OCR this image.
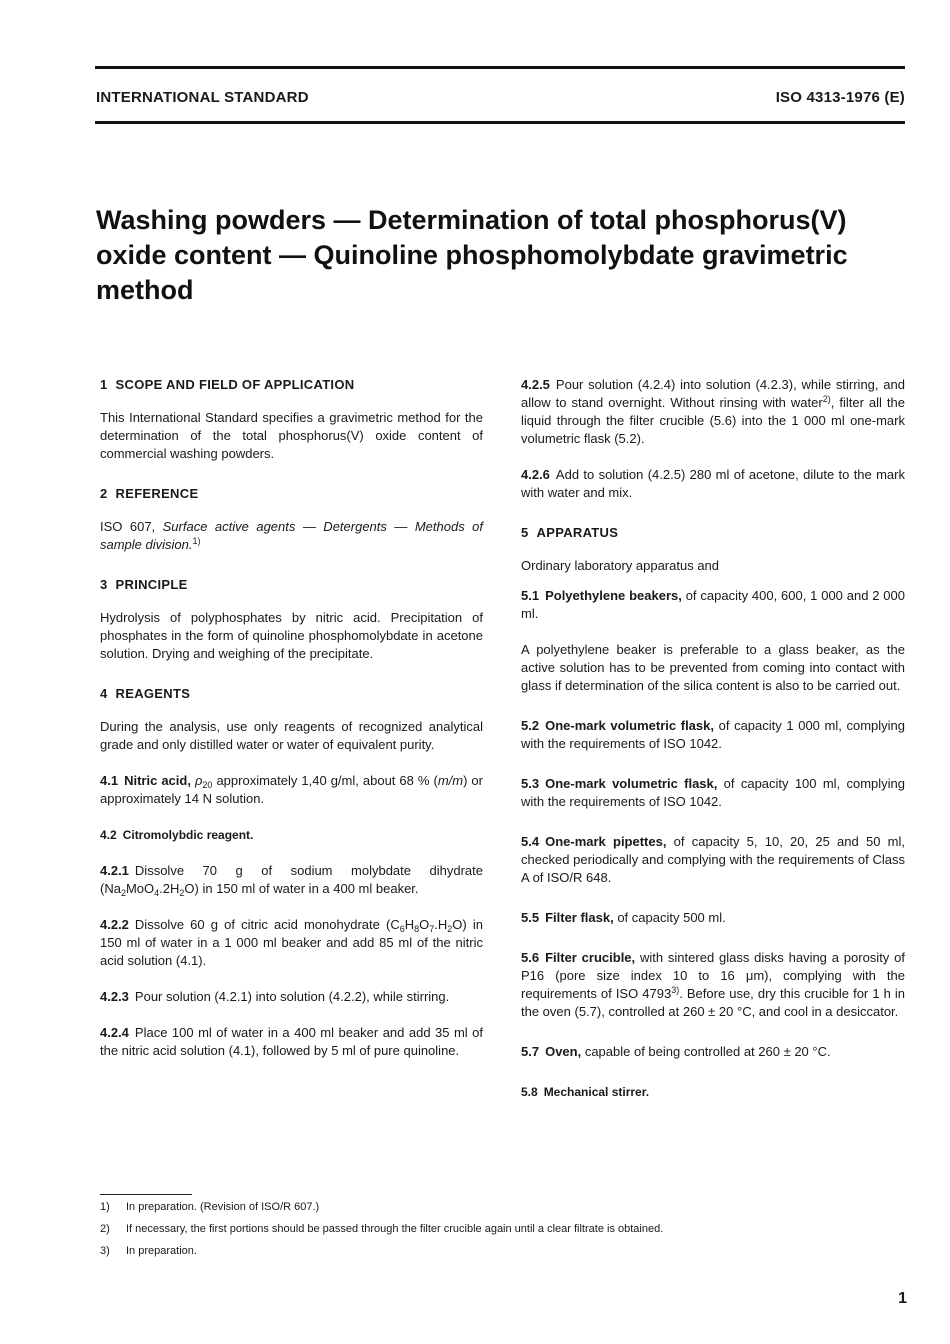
INTERNATIONAL STANDARD	ISO 4313-1976 (E)
Washing powders — Determination of total phosphorus(V) oxide content — Quinoline phosphomolybdate gravimetric method
1 SCOPE AND FIELD OF APPLICATION

This International Standard specifies a gravimetric method for the determination of the total phosphorus(V) oxide content of commercial washing powders.

2 REFERENCE

ISO 607, Surface active agents — Detergents — Methods of sample division.$^{1)}$

3 PRINCIPLE

Hydrolysis of polyphosphates by nitric acid. Precipitation of phosphates in the form of quinoline phosphomolybdate in acetone solution. Drying and weighing of the precipitate.

4 REAGENTS

During the analysis, use only reagents of recognized analytical grade and only distilled water or water of equivalent purity.

4.1 Nitric acid, $\rho_{20}$ approximately 1,40 g/ml, about 68 % (m/m) or approximately 14 N solution.

4.2 Citromolybdic reagent.

4.2.1 Dissolve 70 g of sodium molybdate dihydrate $(Na_2MoO_4.2H_2O)$ in 150 ml of water in a 400 ml beaker.

4.2.2 Dissolve 60 g of citric acid monohydrate $(C_6H_8O_7.H_2O)$ in 150 ml of water in a 1 000 ml beaker and add 85 ml of the nitric acid solution (4.1).

4.2.3 Pour solution (4.2.1) into solution (4.2.2), while stirring.

4.2.4 Place 100 ml of water in a 400 ml beaker and add 35 ml of the nitric acid solution (4.1), followed by 5 ml of pure quinoline.

4.2.5 Pour solution (4.2.4) into solution (4.2.3), while stirring, and allow to stand overnight. Without rinsing with water$^{2)}$, filter all the liquid through the filter crucible (5.6) into the 1 000 ml one-mark volumetric flask (5.2).

4.2.6 Add to solution (4.2.5) 280 ml of acetone, dilute to the mark with water and mix.

5 APPARATUS

Ordinary laboratory apparatus and

5.1 Polyethylene beakers, of capacity 400, 600, 1 000 and 2 000 ml.

A polyethylene beaker is preferable to a glass beaker, as the active solution has to be prevented from coming into contact with glass if determination of the silica content is also to be carried out.

5.2 One-mark volumetric flask, of capacity 1 000 ml, complying with the requirements of ISO 1042.

5.3 One-mark volumetric flask, of capacity 100 ml, complying with the requirements of ISO 1042.

5.4 One-mark pipettes, of capacity 5, 10, 20, 25 and 50 ml, checked periodically and complying with the requirements of Class A of ISO/R 648.

5.5 Filter flask, of capacity 500 ml.

5.6 Filter crucible, with sintered glass disks having a porosity of P16 (pore size index 10 to 16 μm), complying with the requirements of ISO 4793$^{3)}$. Before use, dry this crucible for 1 h in the oven (5.7), controlled at 260 ± 20 °C, and cool in a desiccator.

5.7 Oven, capable of being controlled at 260 ± 20 °C.

5.8 Mechanical stirrer.

1) In preparation. (Revision of ISO/R 607.)
2) If necessary, the first portions should be passed through the filter crucible again until a clear filtrate is obtained.
3) In preparation.
1
